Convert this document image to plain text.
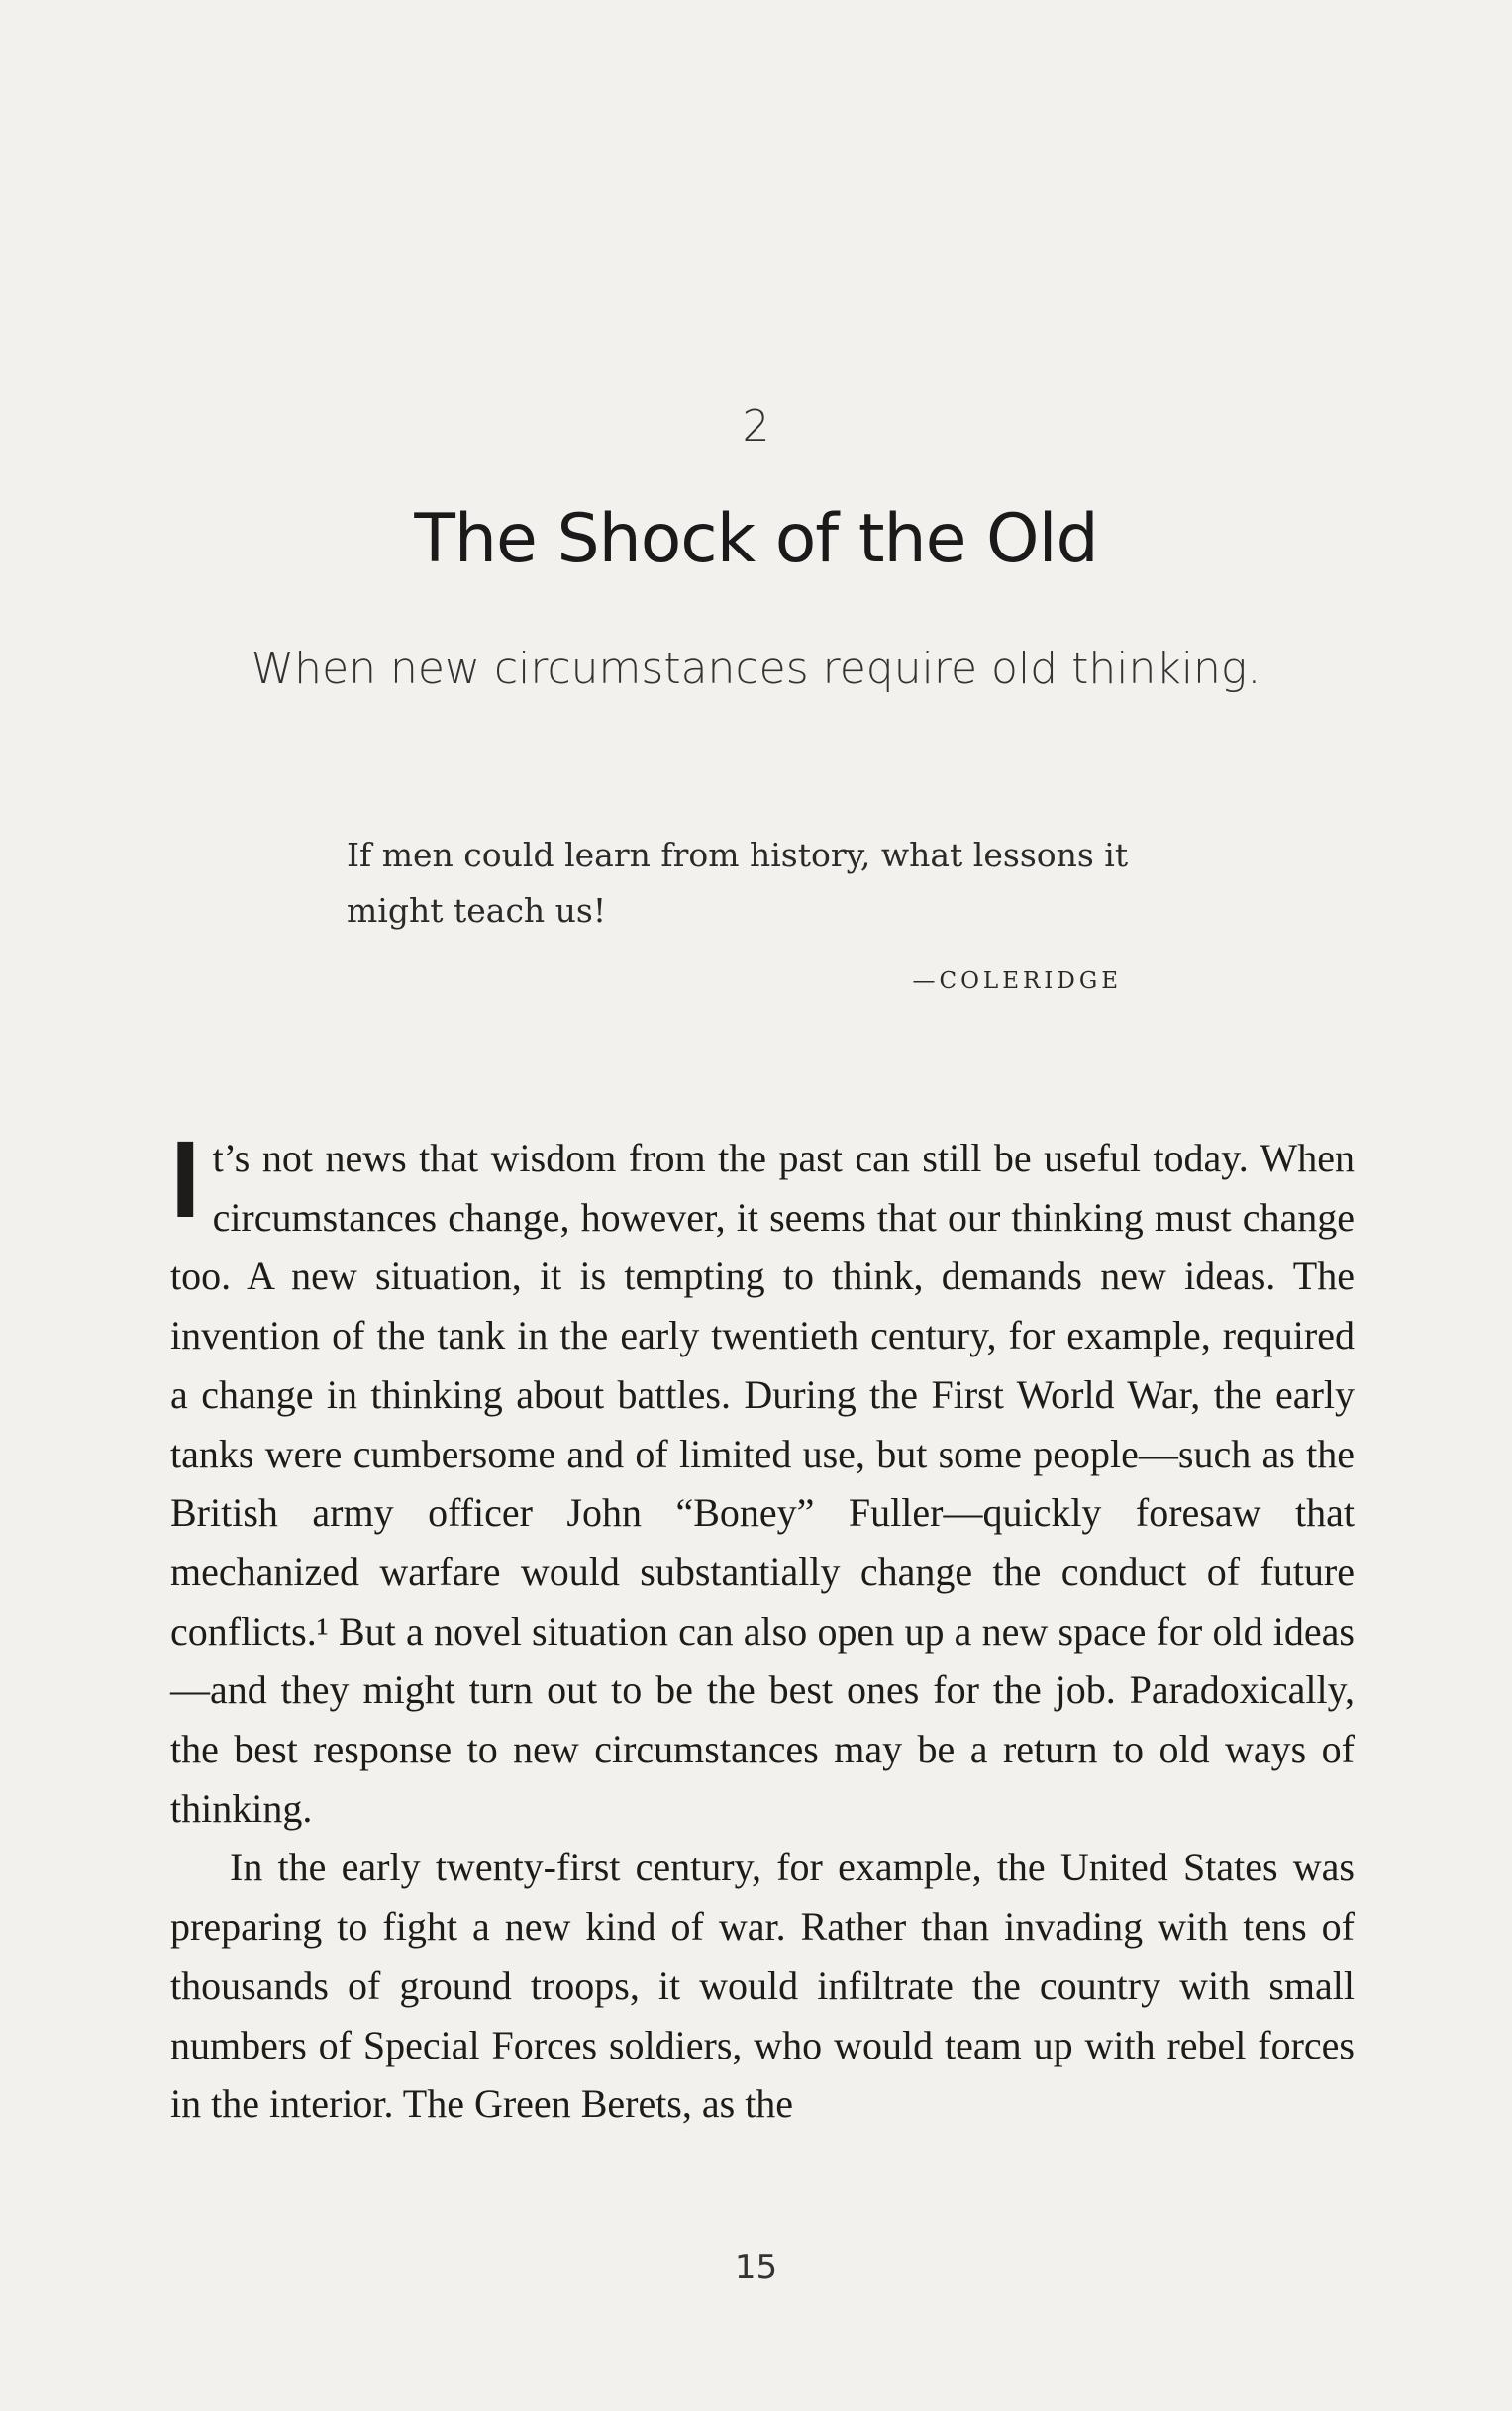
2
The Shock of the Old
When new circumstances require old thinking.
If men could learn from history, what lessons it might teach us!
—COLERIDGE

It’s not news that wisdom from the past can still be useful today. When circumstances change, however, it seems that our thinking must change too. A new situation, it is tempting to think, demands new ideas. The invention of the tank in the early twentieth century, for example, required a change in thinking about battles. During the First World War, the early tanks were cumbersome and of limited use, but some people—such as the British army officer John “Boney” Fuller—quickly foresaw that mechanized warfare would substantially change the conduct of future conflicts.¹ But a novel situation can also open up a new space for old ideas—and they might turn out to be the best ones for the job. Paradoxically, the best response to new circumstances may be a return to old ways of thinking.

In the early twenty-first century, for example, the United States was preparing to fight a new kind of war. Rather than invading with tens of thousands of ground troops, it would infiltrate the country with small numbers of Special Forces soldiers, who would team up with rebel forces in the interior. The Green Berets, as the

15
